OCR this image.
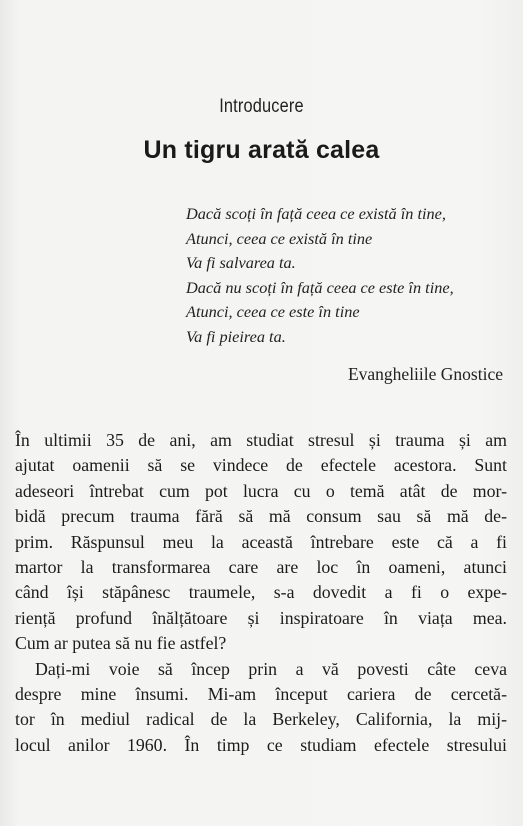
Introducere
Un tigru arată calea
Dacă scoți în față ceea ce există în tine,
Atunci, ceea ce există în tine
Va fi salvarea ta.
Dacă nu scoți în față ceea ce este în tine,
Atunci, ceea ce este în tine
Va fi pieirea ta.
Evangheliile Gnostice
În ultimii 35 de ani, am studiat stresul și trauma și am
ajutat oamenii să se vindece de efectele acestora. Sunt
adeseori întrebat cum pot lucra cu o temă atât de mor-
bidă precum trauma fără să mă consum sau să mă de-
prim. Răspunsul meu la această întrebare este că a fi
martor la transformarea care are loc în oameni, atunci
când își stăpânesc traumele, s-a dovedit a fi o expe-
riență profund înălțătoare și inspiratoare în viața mea.
Cum ar putea să nu fie astfel?
Dați-mi voie să încep prin a vă povesti câte ceva
despre mine însumi. Mi-am început cariera de cercetă-
tor în mediul radical de la Berkeley, California, la mij-
locul anilor 1960. În timp ce studiam efectele stresului
